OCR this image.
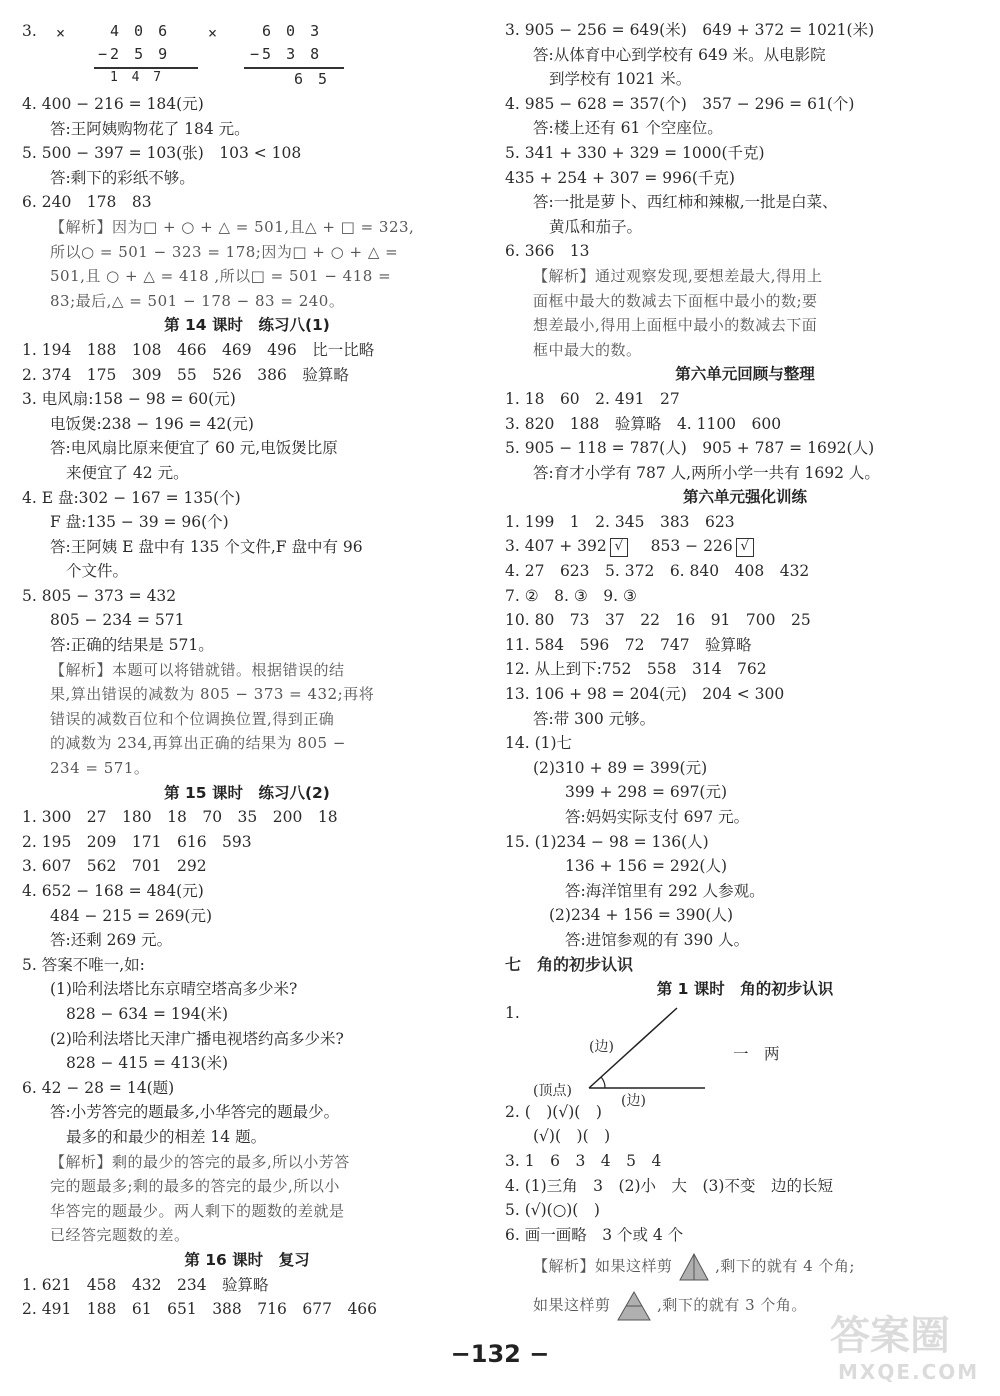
3. ×	×
4 0 6
−2 5 9
1 4 7
6 0 3
−5 3 8
6 5
4. 400 − 216 = 184(元)
答:王阿姨购物花了 184 元。
5. 500 − 397 = 103(张)　103 < 108
答:剩下的彩纸不够。
6. 240　178　83
【解析】因为□ + ○ + △ = 501,且△ + □ = 323,
所以○ = 501 − 323 = 178;因为□ + ○ + △ =
501,且 ○ + △ = 418 ,所以□ = 501 − 418 =
83;最后,△ = 501 − 178 − 83 = 240。
第 14 课时　练习八(1)
1. 194　188　108　466　469　496　比一比略
2. 374　175　309　55　526　386　验算略
3. 电风扇:158 − 98 = 60(元)
电饭煲:238 − 196 = 42(元)
答:电风扇比原来便宜了 60 元,电饭煲比原
来便宜了 42 元。
4. E 盘:302 − 167 = 135(个)
F 盘:135 − 39 = 96(个)
答:王阿姨 E 盘中有 135 个文件,F 盘中有 96
个文件。
5. 805 − 373 = 432
805 − 234 = 571
答:正确的结果是 571。
【解析】本题可以将错就错。根据错误的结
果,算出错误的减数为 805 − 373 = 432;再将
错误的减数百位和个位调换位置,得到正确
的减数为 234,再算出正确的结果为 805 −
234 = 571。
第 15 课时　练习八(2)
1. 300　27　180　18　70　35　200　18
2. 195　209　171　616　593
3. 607　562　701　292
4. 652 − 168 = 484(元)
484 − 215 = 269(元)
答:还剩 269 元。
5. 答案不唯一,如:
(1)哈利法塔比东京晴空塔高多少米?
828 − 634 = 194(米)
(2)哈利法塔比天津广播电视塔约高多少米?
828 − 415 = 413(米)
6. 42 − 28 = 14(题)
答:小芳答完的题最多,小华答完的题最少。
最多的和最少的相差 14 题。
【解析】剩的最少的答完的最多,所以小芳答
完的题最多;剩的最多的答完的最少,所以小
华答完的题最少。两人剩下的题数的差就是
已经答完题数的差。
第 16 课时　复习
1. 621　458　432　234　验算略
2. 491　188　61　651　388　716　677　466
3. 905 − 256 = 649(米)　649 + 372 = 1021(米)
答:从体育中心到学校有 649 米。从电影院
到学校有 1021 米。
4. 985 − 628 = 357(个)　357 − 296 = 61(个)
答:楼上还有 61 个空座位。
5. 341 + 330 + 329 = 1000(千克)
435 + 254 + 307 = 996(千克)
答:一批是萝卜、西红柿和辣椒,一批是白菜、
黄瓜和茄子。
6. 366　13
【解析】通过观察发现,要想差最大,得用上
面框中最大的数减去下面框中最小的数;要
想差最小,得用上面框中最小的数减去下面
框中最大的数。
第六单元回顾与整理
1. 18　60　2. 491　27
3. 820　188　验算略　4. 1100　600
5. 905 − 118 = 787(人)　905 + 787 = 1692(人)
答:育才小学有 787 人,两所小学一共有 1692 人。
第六单元强化训练
1. 199　1　2. 345　383　623
3. 407 + 392 √ 853 − 226 √
4. 27　623　5. 372　6. 840　408　432
7. ②　8. ③　9. ③
10. 80　73　37　22　16　91　700　25
11. 584　596　72　747　验算略
12. 从上到下:752　558　314　762
13. 106 + 98 = 204(元)　204 < 300
答:带 300 元够。
14. (1)七
(2)310 + 89 = 399(元)
399 + 298 = 697(元)
答:妈妈实际支付 697 元。
15. (1)234 − 98 = 136(人)
136 + 156 = 292(人)
答:海洋馆里有 292 人参观。
(2)234 + 156 = 390(人)
答:进馆参观的有 390 人。
七　角的初步认识
第 1 课时　角的初步认识
1.
(边)
(顶点)
(边)
一　两
2. (　)(√)(　)
(√)(　)(　)
3. 1　6　3　4　5　4
4. (1)三角　3　(2)小　大　(3)不变　边的长短
5. (√)(○)(　)
6. 画一画略　3 个或 4 个
【解析】如果这样剪	,剩下的就有 4 个角;
如果这样剪	,剩下的就有 3 个角。
−132 −	答案圈
MXQE.COM
